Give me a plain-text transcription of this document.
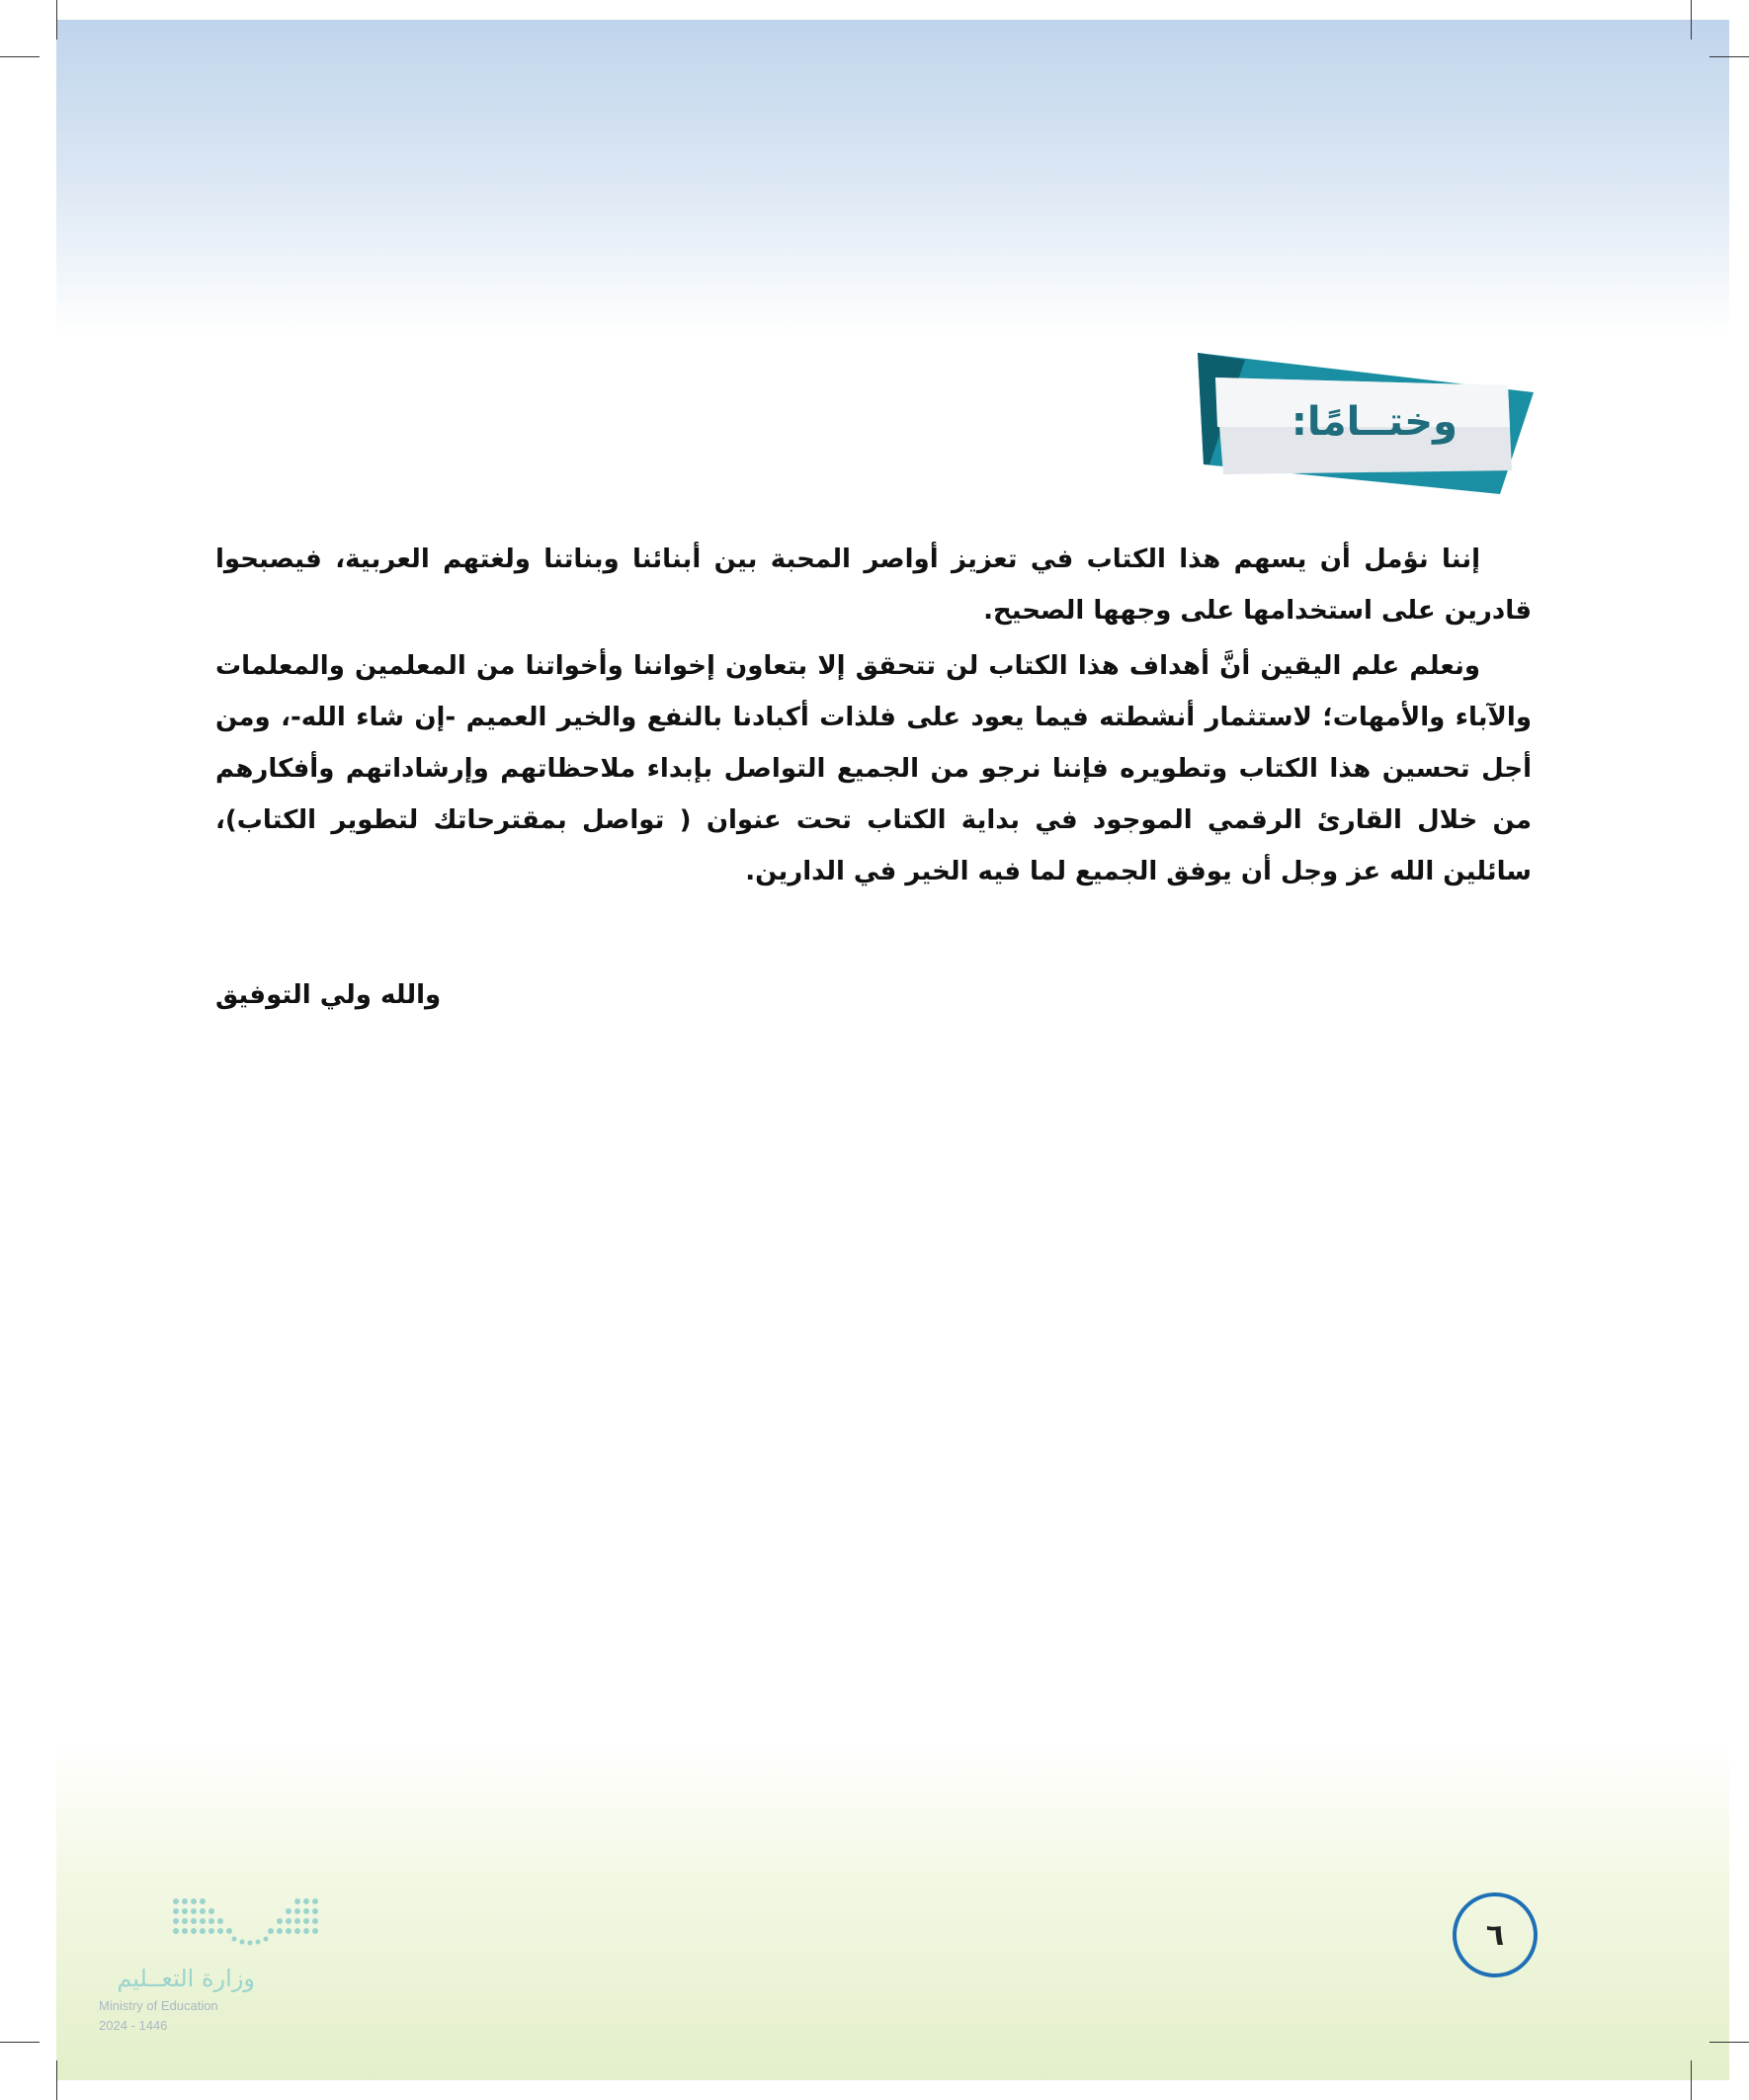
وختــامًا:

إننا نؤمل أن يسهم هذا الكتاب في تعزيز أواصر المحبة بين أبنائنا وبناتنا ولغتهم العربية، فيصبحوا قادرين على استخدامها على وجهها الصحيح.

ونعلم علم اليقين أنَّ أهداف هذا الكتاب لن تتحقق إلا بتعاون إخواننا وأخواتنا من المعلمين والمعلمات والآباء والأمهات؛ لاستثمار أنشطته فيما يعود على فلذات أكبادنا بالنفع والخير العميم -إن شاء الله-، ومن أجل تحسين هذا الكتاب وتطويره فإننا نرجو من الجميع التواصل بإبداء ملاحظاتهم وإرشاداتهم وأفكارهم من خلال القارئ الرقمي الموجود في بداية الكتاب تحت عنوان ( تواصل بمقترحاتك لتطوير الكتاب)، سائلين الله عز وجل أن يوفق الجميع لما فيه الخير في الدارين.

والله ولي التوفيق
٦
وزارة التعــليم
Ministry of Education
2024 - 1446
